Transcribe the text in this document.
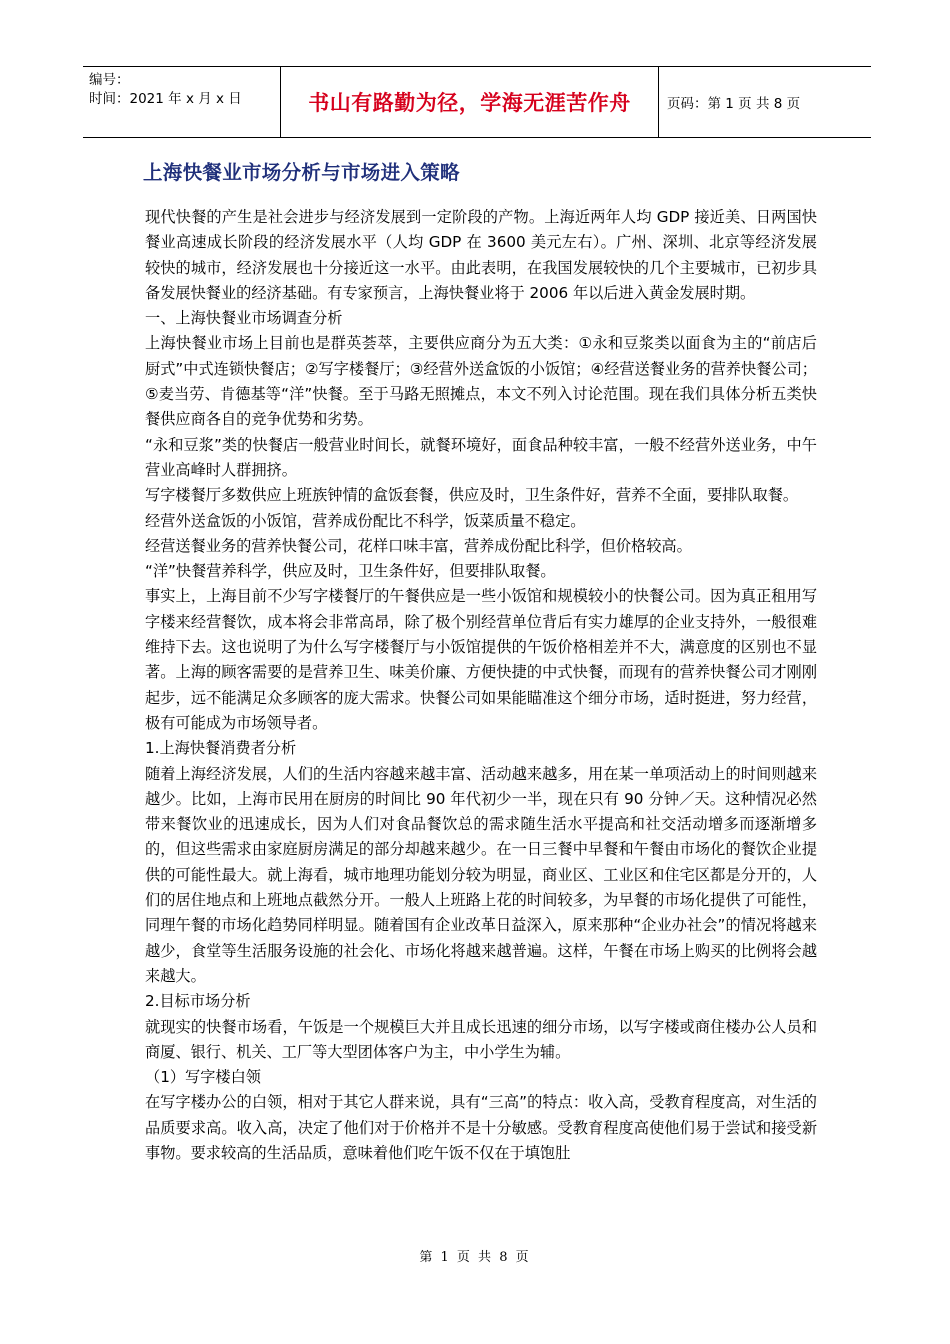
编号：
时间：2021 年 x 月 x 日	书山有路勤为径，学海无涯苦作舟	页码：第 1 页 共 8 页
上海快餐业市场分析与市场进入策略

现代快餐的产生是社会进步与经济发展到一定阶段的产物。上海近两年人均 GDP 接近美、日两国快餐业高速成长阶段的经济发展水平（人均 GDP 在 3600 美元左右）。广州、深圳、北京等经济发展较快的城市，经济发展也十分接近这一水平。由此表明，在我国发展较快的几个主要城市，已初步具备发展快餐业的经济基础。有专家预言，上海快餐业将于 2006 年以后进入黄金发展时期。

一、上海快餐业市场调查分析

上海快餐业市场上目前也是群英荟萃，主要供应商分为五大类：①永和豆浆类以面食为主的“前店后厨式”中式连锁快餐店；②写字楼餐厅；③经营外送盒饭的小饭馆；④经营送餐业务的营养快餐公司；⑤麦当劳、肯德基等“洋”快餐。至于马路无照摊点，本文不列入讨论范围。现在我们具体分析五类快餐供应商各自的竞争优势和劣势。

“永和豆浆”类的快餐店一般营业时间长，就餐环境好，面食品种较丰富，一般不经营外送业务，中午营业高峰时人群拥挤。

写字楼餐厅多数供应上班族钟情的盒饭套餐，供应及时，卫生条件好，营养不全面，要排队取餐。

经营外送盒饭的小饭馆，营养成份配比不科学，饭菜质量不稳定。

经营送餐业务的营养快餐公司，花样口味丰富，营养成份配比科学，但价格较高。

“洋”快餐营养科学，供应及时，卫生条件好，但要排队取餐。

事实上，上海目前不少写字楼餐厅的午餐供应是一些小饭馆和规模较小的快餐公司。因为真正租用写字楼来经营餐饮，成本将会非常高昂，除了极个别经营单位背后有实力雄厚的企业支持外，一般很难维持下去。这也说明了为什么写字楼餐厅与小饭馆提供的午饭价格相差并不大，满意度的区别也不显著。上海的顾客需要的是营养卫生、味美价廉、方便快捷的中式快餐，而现有的营养快餐公司才刚刚起步，远不能满足众多顾客的庞大需求。快餐公司如果能瞄准这个细分市场，适时挺进，努力经营，极有可能成为市场领导者。

1.上海快餐消费者分析

随着上海经济发展，人们的生活内容越来越丰富、活动越来越多，用在某一单项活动上的时间则越来越少。比如，上海市民用在厨房的时间比 90 年代初少一半，现在只有 90 分钟／天。这种情况必然带来餐饮业的迅速成长，因为人们对食品餐饮总的需求随生活水平提高和社交活动增多而逐渐增多的，但这些需求由家庭厨房满足的部分却越来越少。在一日三餐中早餐和午餐由市场化的餐饮企业提供的可能性最大。就上海看，城市地理功能划分较为明显，商业区、工业区和住宅区都是分开的，人们的居住地点和上班地点截然分开。一般人上班路上花的时间较多，为早餐的市场化提供了可能性，同理午餐的市场化趋势同样明显。随着国有企业改革日益深入，原来那种“企业办社会”的情况将越来越少，食堂等生活服务设施的社会化、市场化将越来越普遍。这样，午餐在市场上购买的比例将会越来越大。

2.目标市场分析

就现实的快餐市场看，午饭是一个规模巨大并且成长迅速的细分市场，以写字楼或商住楼办公人员和商厦、银行、机关、工厂等大型团体客户为主，中小学生为辅。

（1）写字楼白领

在写字楼办公的白领，相对于其它人群来说，具有“三高”的特点：收入高，受教育程度高，对生活的品质要求高。收入高，决定了他们对于价格并不是十分敏感。受教育程度高使他们易于尝试和接受新事物。要求较高的生活品质，意味着他们吃午饭不仅在于填饱肚

第 1 页 共 8 页
